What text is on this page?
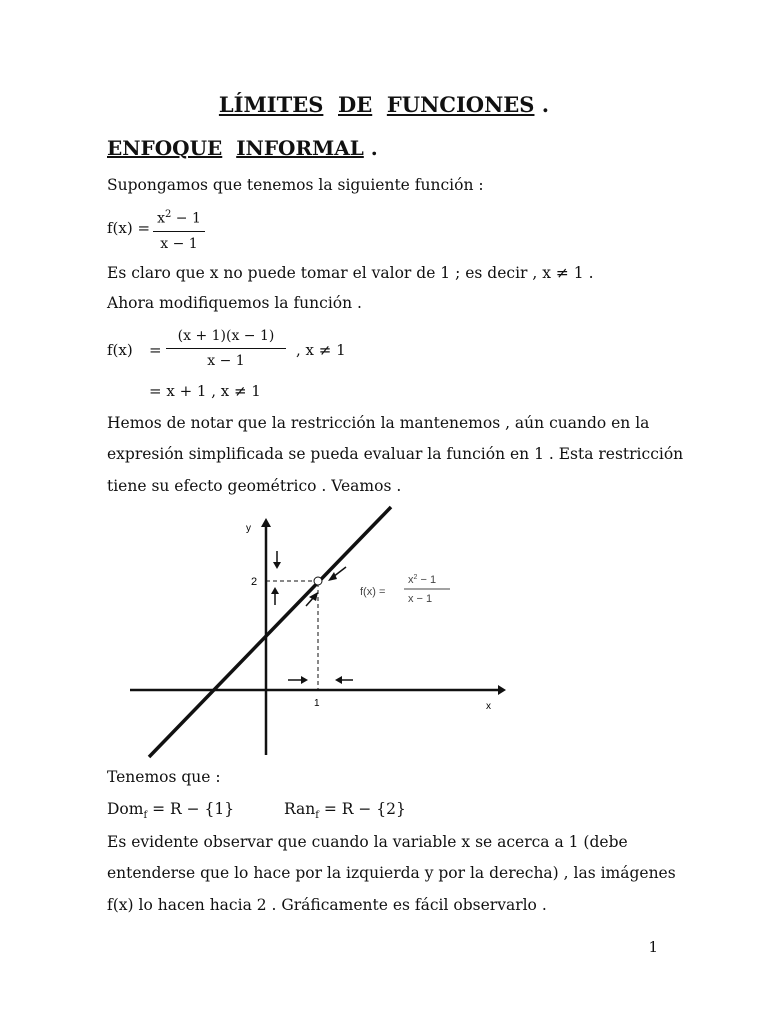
LÍMITES DE FUNCIONES .
ENFOQUE INFORMAL .
Supongamos que tenemos la siguiente función :
f(x) =
$x^2 - 1$
x − 1
Es claro que x no puede tomar el valor de 1 ; es decir , x ≠ 1 .
Ahora modifiquemos la función .
f(x) =
(x + 1)(x − 1)
x − 1
, x ≠ 1
= x + 1 , x ≠ 1
Hemos de notar que la restricción la mantenemos , aún cuando en la
expresión simplificada se pueda evaluar la función en 1 . Esta restricción
tiene su efecto geométrico . Veamos .
y
x
2
1
f(x) =
$x^2 - 1$
x − 1
Tenemos que :
Dom$_f$ = R − {1}	Ran$_f$ = R − {2}
Es evidente observar que cuando la variable x se acerca a 1 (debe
entenderse que lo hace por la izquierda y por la derecha) , las imágenes
f(x) lo hacen hacia 2 . Gráficamente es fácil observarlo .
1
